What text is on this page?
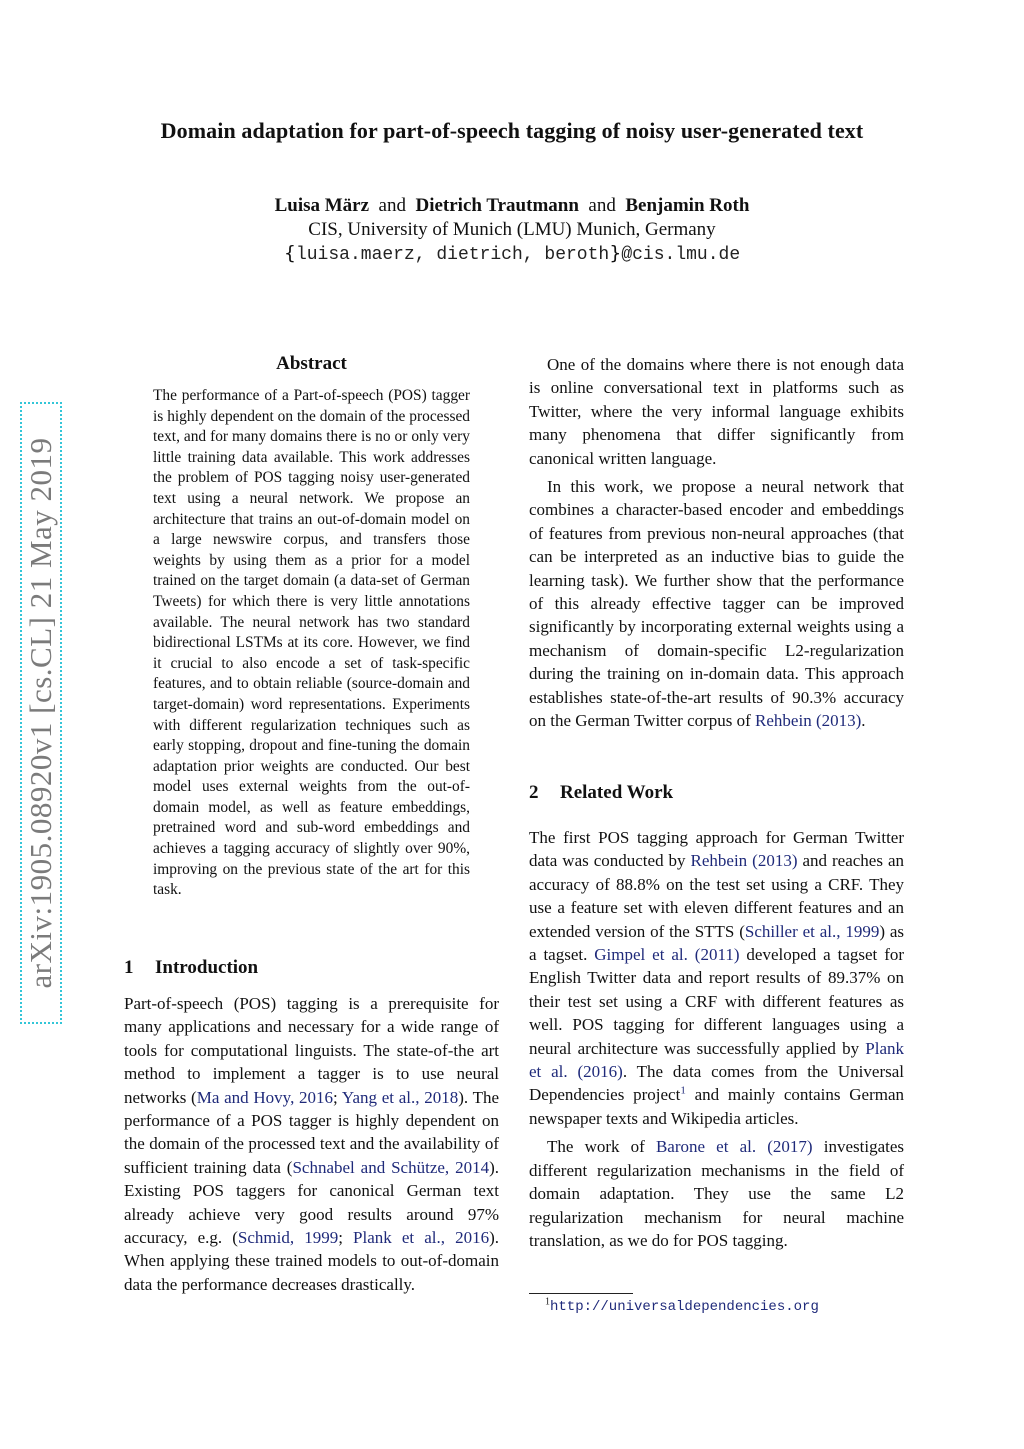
Domain adaptation for part-of-speech tagging of noisy user-generated text
Luisa März and Dietrich Trautmann and Benjamin Roth
CIS, University of Munich (LMU) Munich, Germany
{luisa.maerz, dietrich, beroth}@cis.lmu.de
arXiv:1905.08920v1 [cs.CL] 21 May 2019
Abstract
The performance of a Part-of-speech (POS) tagger is highly dependent on the domain of the processed text, and for many domains there is no or only very little training data available. This work addresses the problem of POS tagging noisy user-generated text using a neural network. We propose an architecture that trains an out-of-domain model on a large newswire corpus, and transfers those weights by using them as a prior for a model trained on the target domain (a data-set of German Tweets) for which there is very little annotations available. The neural network has two standard bidirectional LSTMs at its core. However, we find it crucial to also encode a set of task-specific features, and to obtain reliable (source-domain and target-domain) word representations. Experiments with different regularization techniques such as early stopping, dropout and fine-tuning the domain adaptation prior weights are conducted. Our best model uses external weights from the out-of-domain model, as well as feature embeddings, pretrained word and sub-word embeddings and achieves a tagging accuracy of slightly over 90%, improving on the previous state of the art for this task.
1 Introduction

Part-of-speech (POS) tagging is a prerequisite for many applications and necessary for a wide range of tools for computational linguists. The state-of-the art method to implement a tagger is to use neural networks (Ma and Hovy, 2016; Yang et al., 2018). The performance of a POS tagger is highly dependent on the domain of the processed text and the availability of sufficient training data (Schnabel and Schütze, 2014). Existing POS taggers for canonical German text already achieve very good results around 97% accuracy, e.g. (Schmid, 1999; Plank et al., 2016). When applying these trained models to out-of-domain data the performance decreases drastically.

One of the domains where there is not enough data is online conversational text in platforms such as Twitter, where the very informal language exhibits many phenomena that differ significantly from canonical written language.

In this work, we propose a neural network that combines a character-based encoder and embeddings of features from previous non-neural approaches (that can be interpreted as an inductive bias to guide the learning task). We further show that the performance of this already effective tagger can be improved significantly by incorporating external weights using a mechanism of domain-specific L2-regularization during the training on in-domain data. This approach establishes state-of-the-art results of 90.3% accuracy on the German Twitter corpus of Rehbein (2013).

2 Related Work

The first POS tagging approach for German Twitter data was conducted by Rehbein (2013) and reaches an accuracy of 88.8% on the test set using a CRF. They use a feature set with eleven different features and an extended version of the STTS (Schiller et al., 1999) as a tagset. Gimpel et al. (2011) developed a tagset for English Twitter data and report results of 89.37% on their test set using a CRF with different features as well. POS tagging for different languages using a neural architecture was successfully applied by Plank et al. (2016). The data comes from the Universal Dependencies project$^1$ and mainly contains German newspaper texts and Wikipedia articles.

The work of Barone et al. (2017) investigates different regularization mechanisms in the field of domain adaptation. They use the same L2 regularization mechanism for neural machine translation, as we do for POS tagging.

$^1$http://universaldependencies.org
